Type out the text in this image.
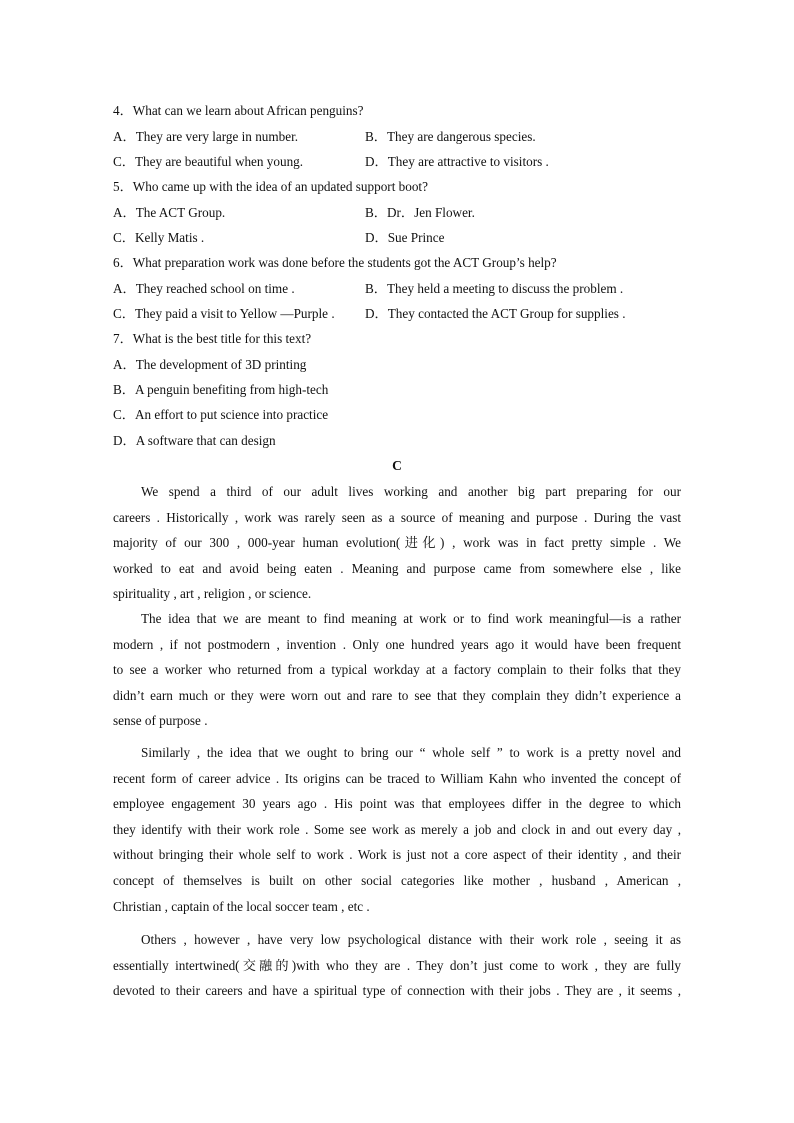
4．What can we learn about African penguins?
A．They are very large in number.	B．They are dangerous species.
C．They are beautiful when young.	D．They are attractive to visitors .
5．Who came up with the idea of an updated support boot?
A．The ACT Group.	B．Dr．Jen Flower.
C．Kelly Matis .	D．Sue Prince
6．What preparation work was done before the students got the ACT Group’s help?
A．They reached school on time .	B．They held a meeting to discuss the problem .
C．They paid a visit to Yellow —Purple . D．They contacted the ACT Group for supplies .
7．What is the best title for this text?
A．The development of 3D printing
B．A penguin benefiting from high-tech
C．An effort to put science into practice
D．A software that can design
C
We spend a third of our adult lives working and another big part preparing for our
careers . Historically , work was rarely seen as a source of meaning and purpose . During the vast
majority of our 300 , 000-year human evolution(进化) , work was in fact pretty simple . We
worked to eat and avoid being eaten . Meaning and purpose came from somewhere else , like
spirituality , art , religion , or science.
The idea that we are meant to find meaning at work or to find work meaningful—is a rather
modern , if not postmodern , invention . Only one hundred years ago it would have been frequent
to see a worker who returned from a typical workday at a factory complain to their folks that they
didn’t earn much or they were worn out and rare to see that they complain they didn’t experience a
sense of purpose .
Similarly , the idea that we ought to bring our “ whole self ” to work is a pretty novel and
recent form of career advice . Its origins can be traced to William Kahn who invented the concept of
employee engagement 30 years ago . His point was that employees differ in the degree to which
they identify with their work role . Some see work as merely a job and clock in and out every day ,
without bringing their whole self to work . Work is just not a core aspect of their identity , and their
concept of themselves is built on other social categories like mother , husband , American ,
Christian , captain of the local soccer team , etc .
Others , however , have very low psychological distance with their work role , seeing it as
essentially intertwined(交融的)with who they are . They don’t just come to work , they are fully
devoted to their careers and have a spiritual type of connection with their jobs . They are , it seems ,
